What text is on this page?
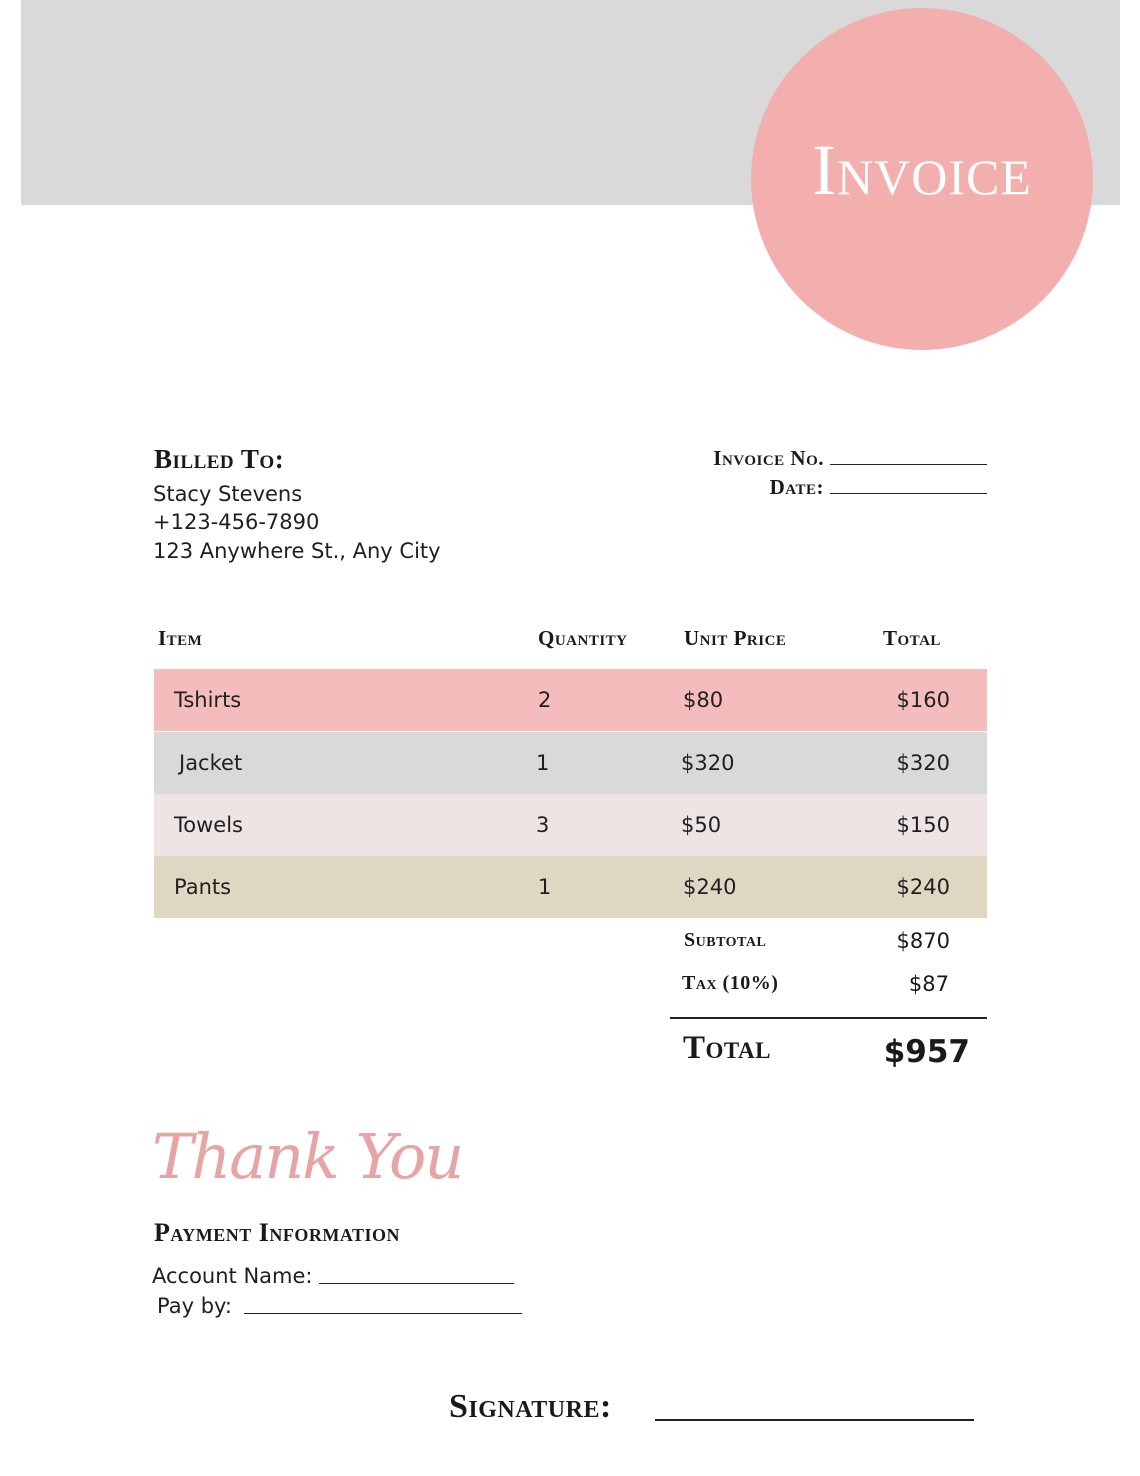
Invoice
Billed To:
Stacy Stevens
+123-456-7890
123 Anywhere St., Any City
Invoice No.
Date:
Item	Quantity	Unit Price	Total
Tshirts	2	$80	$160
Jacket	1	$320	$320
Towels	3	$50	$150
Pants	1	$240	$240
Subtotal	$870
Tax (10%)	$87
Total	$957
Thank You
Payment Information
Account Name:
Pay by:
Signature:
